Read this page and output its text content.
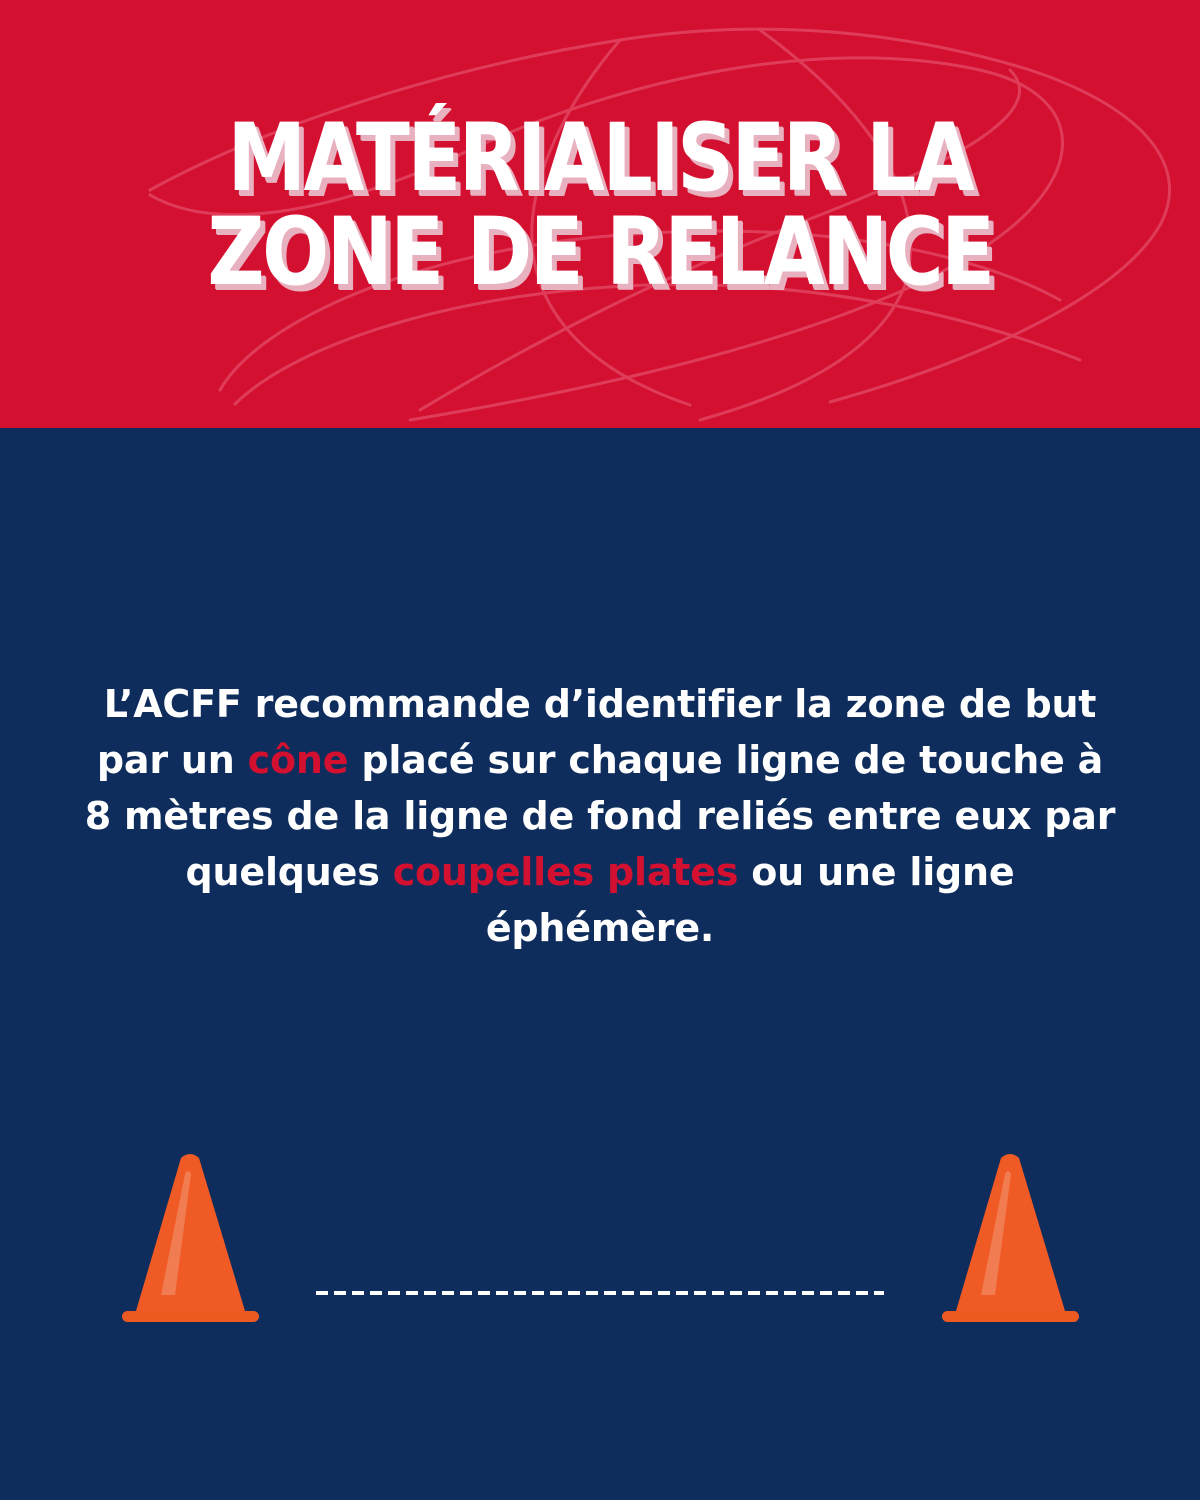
MATÉRIALISER LA
ZONE DE RELANCE

L’ACFF recommande d’identifier la zone de but par un cône placé sur chaque ligne de touche à 8 mètres de la ligne de fond reliés entre eux par quelques coupelles plates ou une ligne éphémère.
